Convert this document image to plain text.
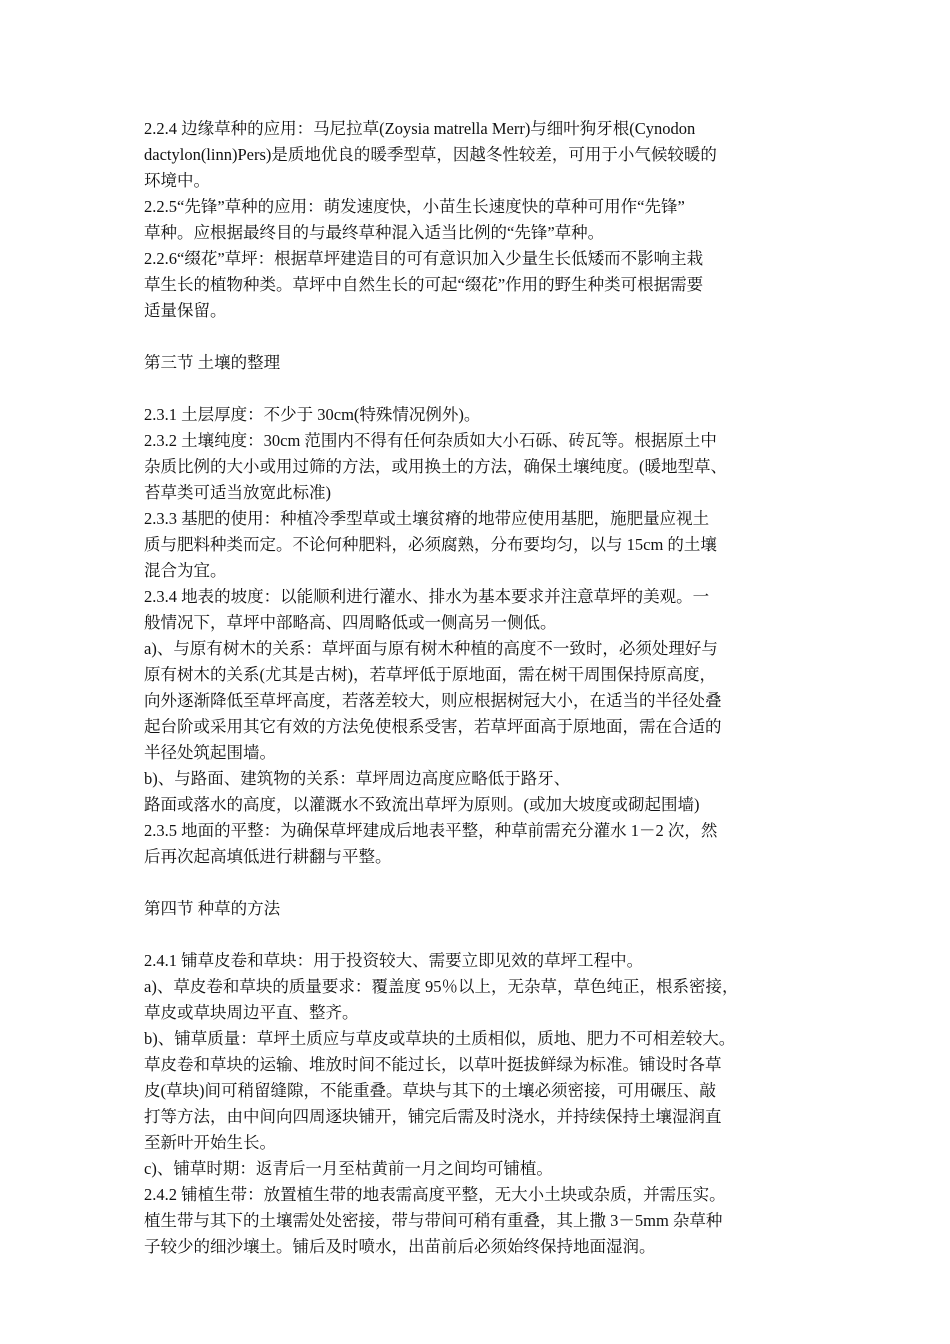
2.2.4 边缘草种的应用：马尼拉草(Zoysia matrella Merr)与细叶狗牙根(Cynodon
dactylon(linn)Pers)是质地优良的暖季型草，因越冬性较差，可用于小气候较暖的
环境中。
2.2.5“先锋”草种的应用：萌发速度快，小苗生长速度快的草种可用作“先锋”
草种。应根据最终目的与最终草种混入适当比例的“先锋”草种。
2.2.6“缀花”草坪：根据草坪建造目的可有意识加入少量生长低矮而不影响主栽
草生长的植物种类。草坪中自然生长的可起“缀花”作用的野生种类可根据需要
适量保留。
第三节 土壤的整理
2.3.1 土层厚度：不少于 30cm(特殊情况例外)。
2.3.2 土壤纯度：30cm 范围内不得有任何杂质如大小石砾、砖瓦等。根据原土中
杂质比例的大小或用过筛的方法，或用换土的方法，确保土壤纯度。(暖地型草、
苔草类可适当放宽此标准)
2.3.3 基肥的使用：种植冷季型草或土壤贫瘠的地带应使用基肥，施肥量应视土
质与肥料种类而定。不论何种肥料，必须腐熟，分布要均匀，以与 15cm 的土壤
混合为宜。
2.3.4 地表的坡度：以能顺利进行灌水、排水为基本要求并注意草坪的美观。一
般情况下，草坪中部略高、四周略低或一侧高另一侧低。
a)、与原有树木的关系：草坪面与原有树木种植的高度不一致时，必须处理好与
原有树木的关系(尤其是古树)，若草坪低于原地面，需在树干周围保持原高度，
向外逐渐降低至草坪高度，若落差较大，则应根据树冠大小，在适当的半径处叠
起台阶或采用其它有效的方法免使根系受害，若草坪面高于原地面，需在合适的
半径处筑起围墙。
b)、与路面、建筑物的关系：草坪周边高度应略低于路牙、
路面或落水的高度，以灌溉水不致流出草坪为原则。(或加大坡度或砌起围墙)
2.3.5 地面的平整：为确保草坪建成后地表平整，种草前需充分灌水 1－2 次，然
后再次起高填低进行耕翻与平整。
第四节 种草的方法
2.4.1 铺草皮卷和草块：用于投资较大、需要立即见效的草坪工程中。
a)、草皮卷和草块的质量要求：覆盖度 95％以上，无杂草，草色纯正，根系密接，
草皮或草块周边平直、整齐。
b)、铺草质量：草坪土质应与草皮或草块的土质相似，质地、肥力不可相差较大。
草皮卷和草块的运输、堆放时间不能过长，以草叶挺拔鲜绿为标准。铺设时各草
皮(草块)间可稍留缝隙，不能重叠。草块与其下的土壤必须密接，可用碾压、敲
打等方法，由中间向四周逐块铺开，铺完后需及时浇水，并持续保持土壤湿润直
至新叶开始生长。
c)、铺草时期：返青后一月至枯黄前一月之间均可铺植。
2.4.2 铺植生带：放置植生带的地表需高度平整，无大小土块或杂质，并需压实。
植生带与其下的土壤需处处密接，带与带间可稍有重叠，其上撒 3－5mm 杂草种
子较少的细沙壤土。铺后及时喷水，出苗前后必须始终保持地面湿润。
